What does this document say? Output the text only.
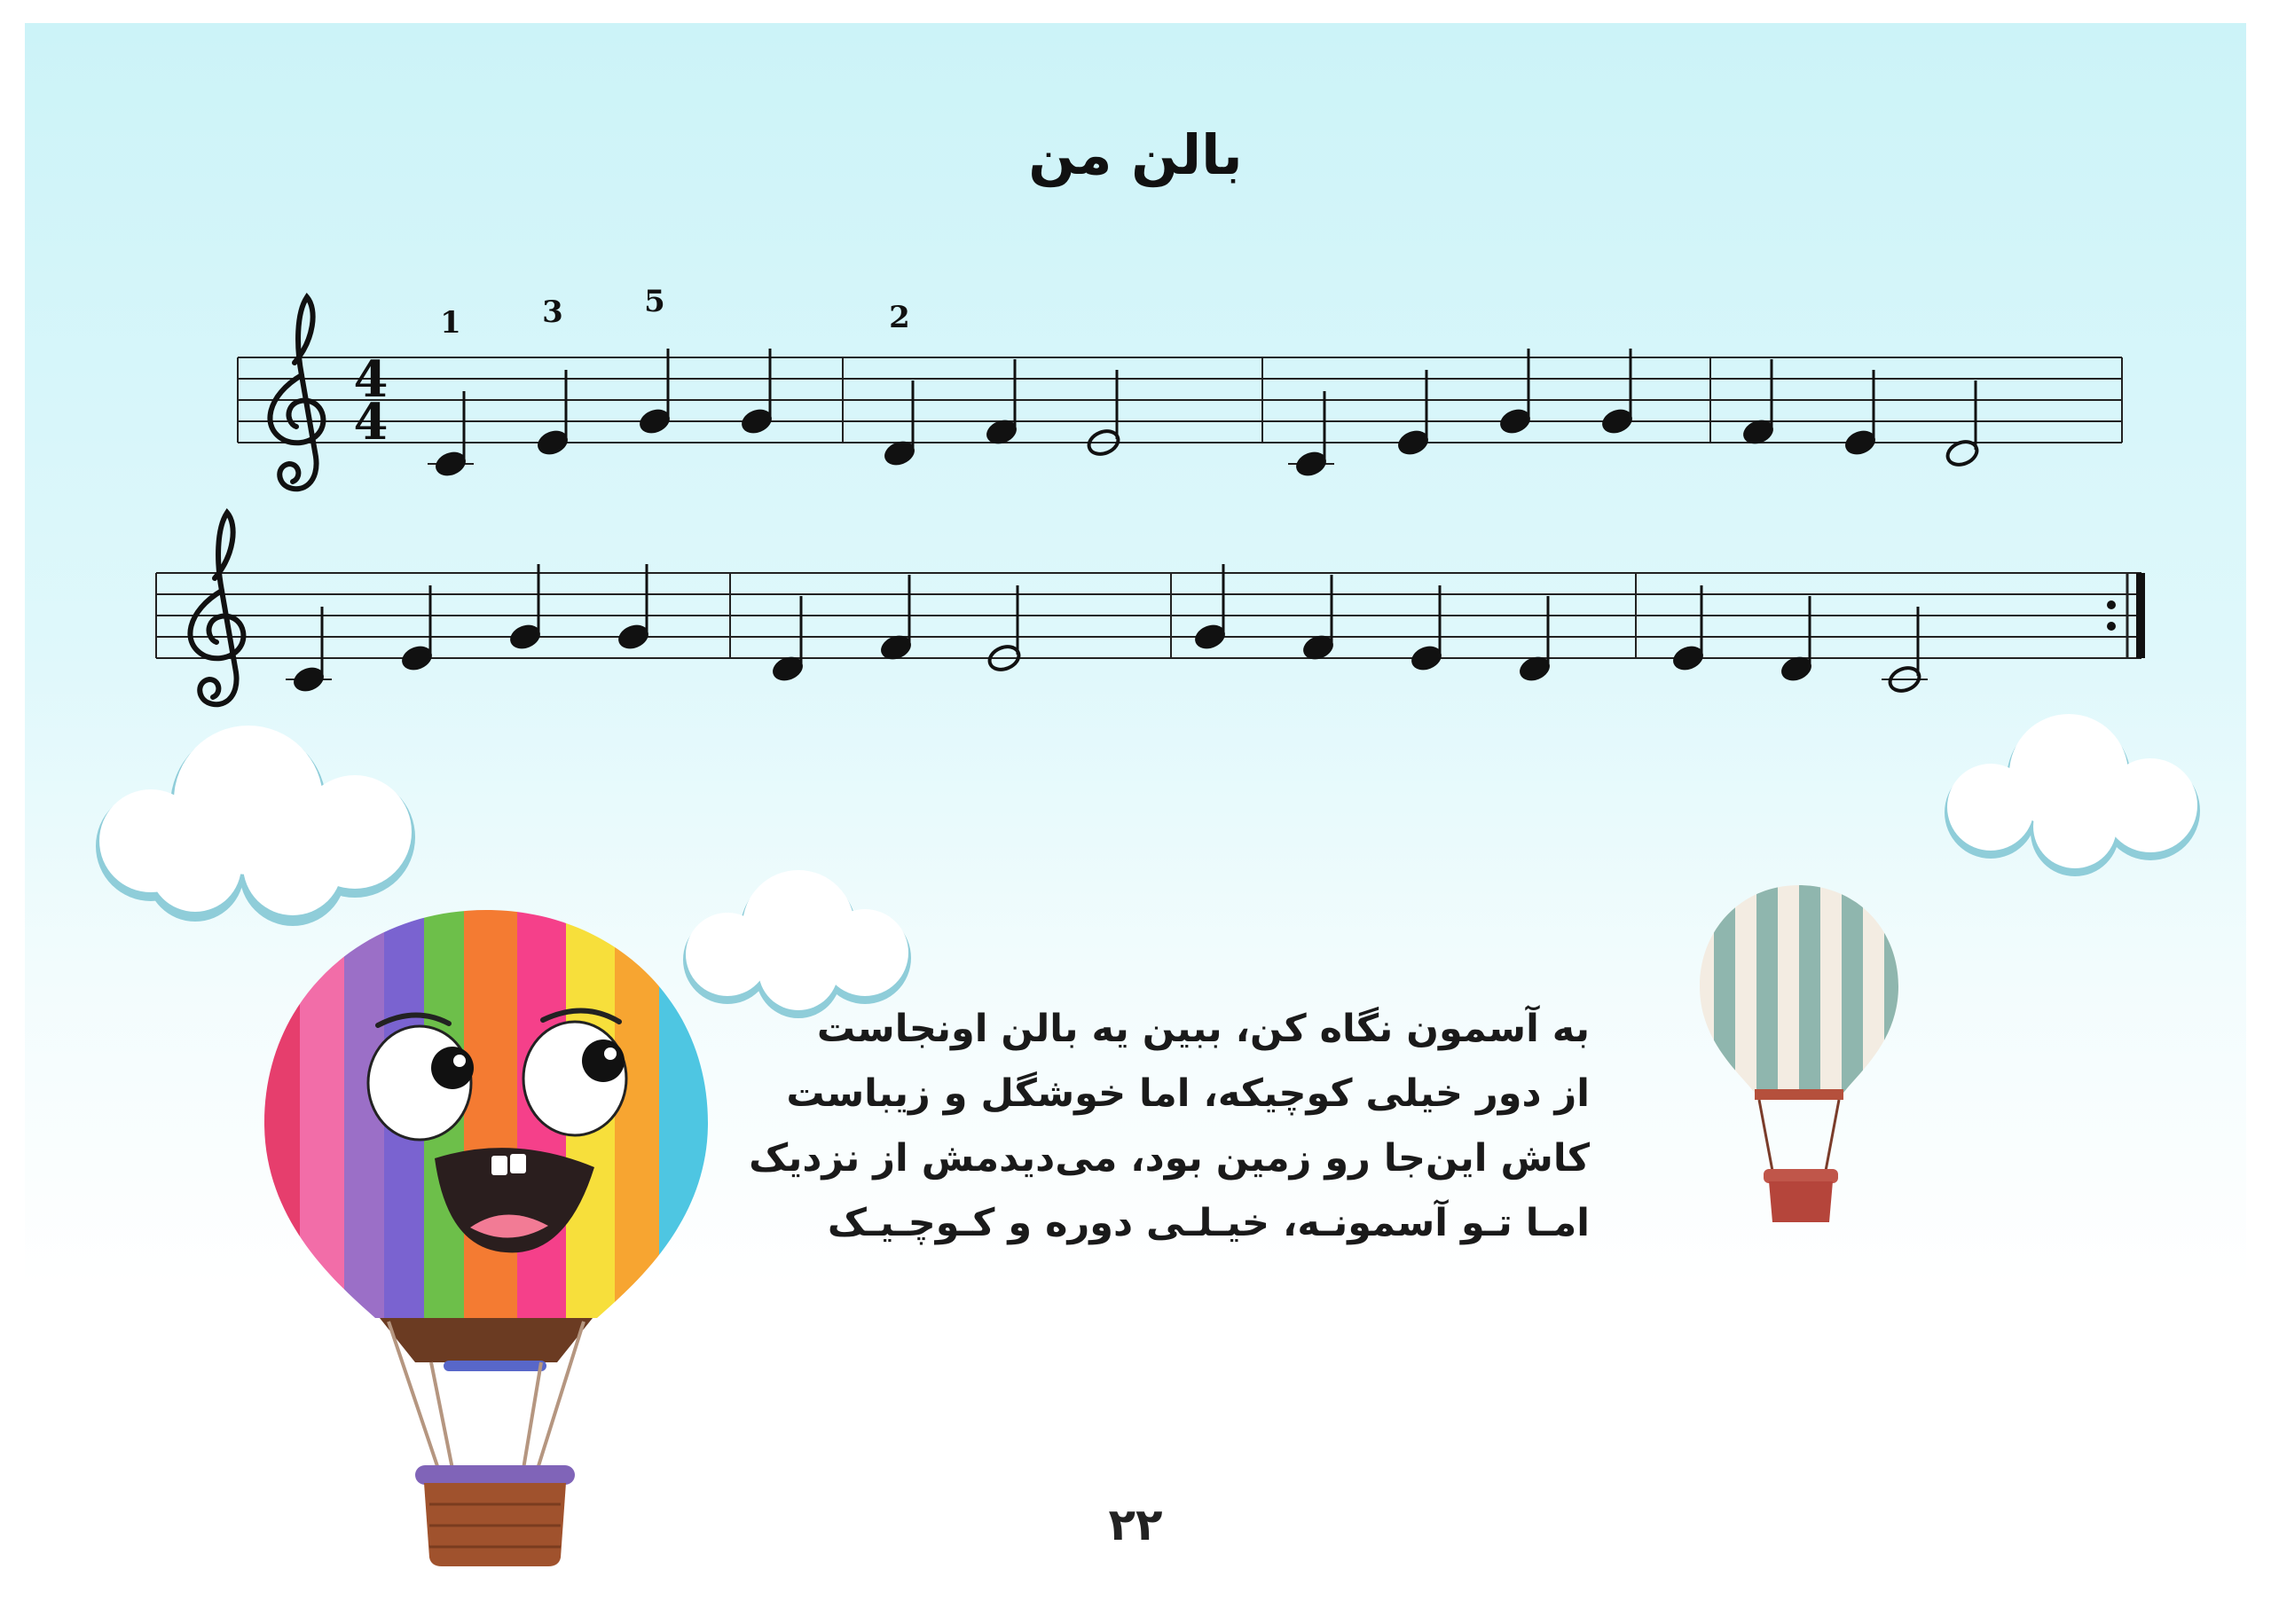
بالن من
4
4
1	3	5	2
به آسمون نگاه کن، ببین یه بالن اونجاست
از دور خیلی کوچیکه، اما خوشگل و زیباست
کاش این‌جا رو زمین بود، می‌دیدمش از نزدیک
امـا تـو آسمونـه، خیـلـی دوره و کـوچـیـک
۲۲
